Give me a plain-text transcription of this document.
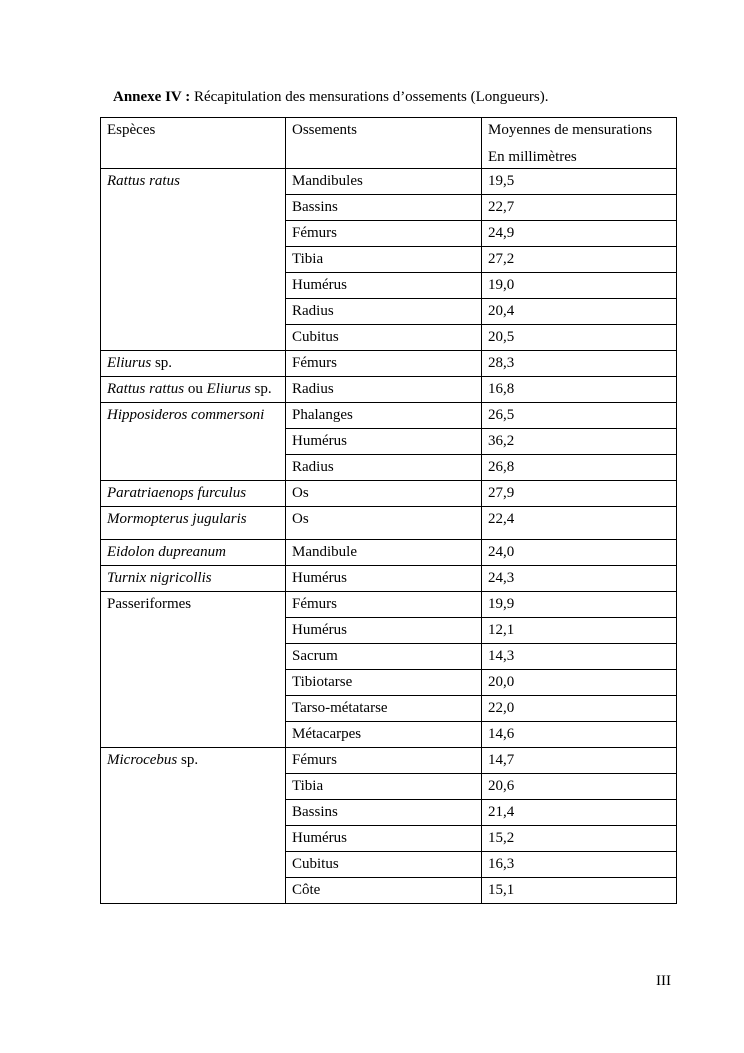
Annexe IV : Récapitulation des mensurations d’ossements (Longueurs).

Espèces	Ossements	Moyennes de mensurations
En millimètres

Rattus ratus	Mandibules	19,5
	Bassins	22,7
	Fémurs	24,9
	Tibia	27,2
	Humérus	19,0
	Radius	20,4
	Cubitus	20,5
Eliurus sp.	Fémurs	28,3
Rattus rattus ou Eliurus sp.	Radius	16,8
Hipposideros commersoni	Phalanges	26,5
	Humérus	36,2
	Radius	26,8
Paratriaenops furculus	Os	27,9
Mormopterus jugularis	Os	22,4
Eidolon dupreanum	Mandibule	24,0
Turnix nigricollis	Humérus	24,3
Passeriformes	Fémurs	19,9
	Humérus	12,1
	Sacrum	14,3
	Tibiotarse	20,0
	Tarso-métatarse	22,0
	Métacarpes	14,6
Microcebus sp.	Fémurs	14,7
	Tibia	20,6
	Bassins	21,4
	Humérus	15,2
	Cubitus	16,3
	Côte	15,1
III
